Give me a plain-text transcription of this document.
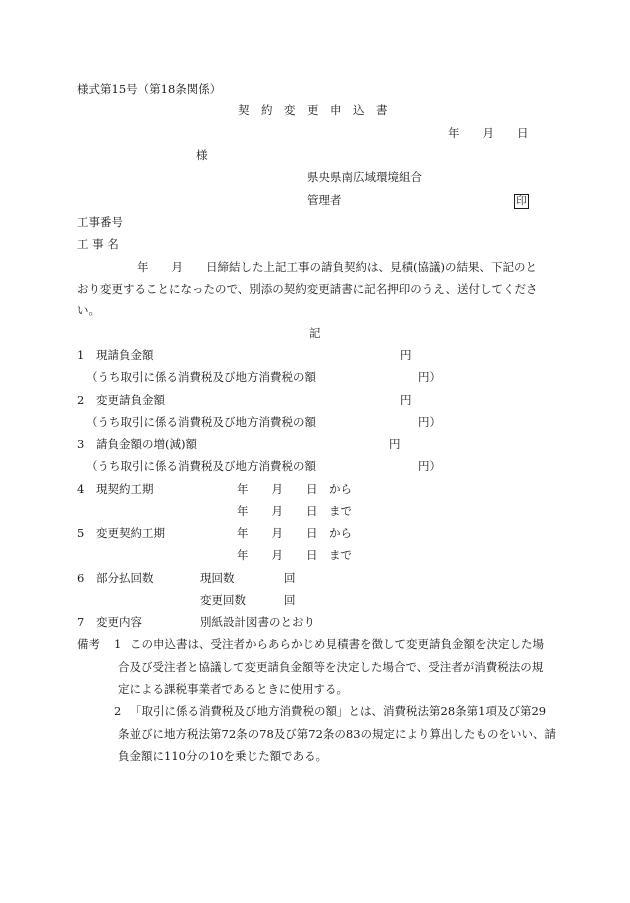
様式第15号（第18条関係）
契　約　変　更　申　込　書
年　　月　　日
様
県央県南広域環境組合
管理者	印
工事番号
工 事 名
年　　月　　日締結した上記工事の請負契約は、見積(協議)の結果、下記のと
おり変更することになったので、別添の契約変更請書に記名押印のうえ、送付してくださ
い。
記
1 現請負金額	円
（うち取引に係る消費税及び地方消費税の額	円）
2 変更請負金額	円
（うち取引に係る消費税及び地方消費税の額	円）
3 請負金額の増(減)額	円
（うち取引に係る消費税及び地方消費税の額	円）
4 現契約工期	年　　月　　日　から
年　　月　　日　まで
5 変更契約工期	年　　月　　日　から
年　　月　　日　まで
6 部分払回数	現回数	回
変更回数	回
7 変更内容	別紙設計図書のとおり
備考 1 この申込書は、受注者からあらかじめ見積書を徴して変更請負金額を決定した場
合及び受注者と協議して変更請負金額等を決定した場合で、受注者が消費税法の規
定による課税事業者であるときに使用する。
2 「取引に係る消費税及び地方消費税の額」とは、消費税法第28条第1項及び第29
条並びに地方税法第72条の78及び第72条の83の規定により算出したものをいい、請
負金額に110分の10を乗じた額である。
